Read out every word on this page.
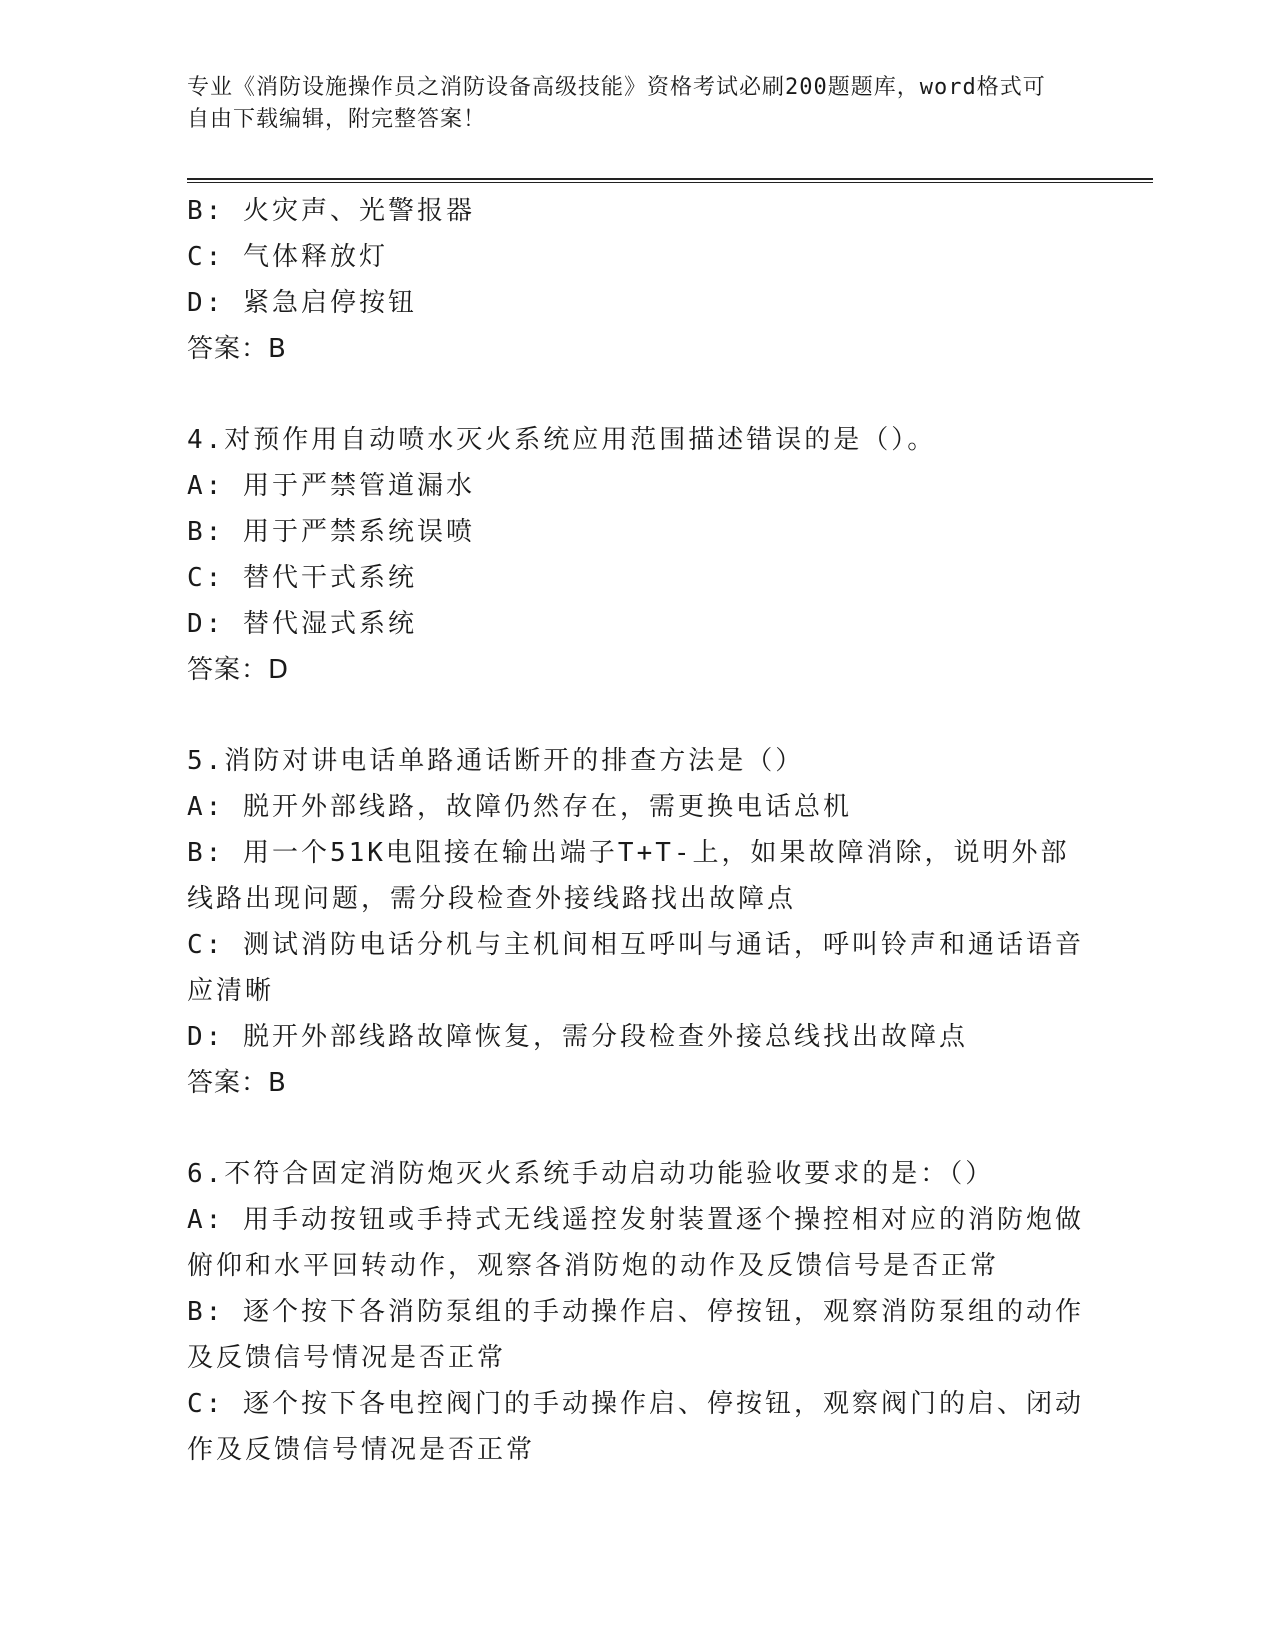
专业《消防设施操作员之消防设备高级技能》资格考试必刷200题题库，word格式可自由下载编辑，附完整答案！
B: 火灾声、光警报器
C: 气体释放灯
D: 紧急启停按钮
答案：B
4.对预作用自动喷水灭火系统应用范围描述错误的是（）。
A: 用于严禁管道漏水
B: 用于严禁系统误喷
C: 替代干式系统
D: 替代湿式系统
答案：D
5.消防对讲电话单路通话断开的排查方法是（）
A: 脱开外部线路，故障仍然存在，需更换电话总机
B: 用一个51K电阻接在输出端子T+T-上，如果故障消除，说明外部线路出现问题，需分段检查外接线路找出故障点
C: 测试消防电话分机与主机间相互呼叫与通话，呼叫铃声和通话语音应清晰
D: 脱开外部线路故障恢复，需分段检查外接总线找出故障点
答案：B
6.不符合固定消防炮灭火系统手动启动功能验收要求的是：（）
A: 用手动按钮或手持式无线遥控发射装置逐个操控相对应的消防炮做俯仰和水平回转动作，观察各消防炮的动作及反馈信号是否正常
B: 逐个按下各消防泵组的手动操作启、停按钮，观察消防泵组的动作及反馈信号情况是否正常
C: 逐个按下各电控阀门的手动操作启、停按钮，观察阀门的启、闭动作及反馈信号情况是否正常
